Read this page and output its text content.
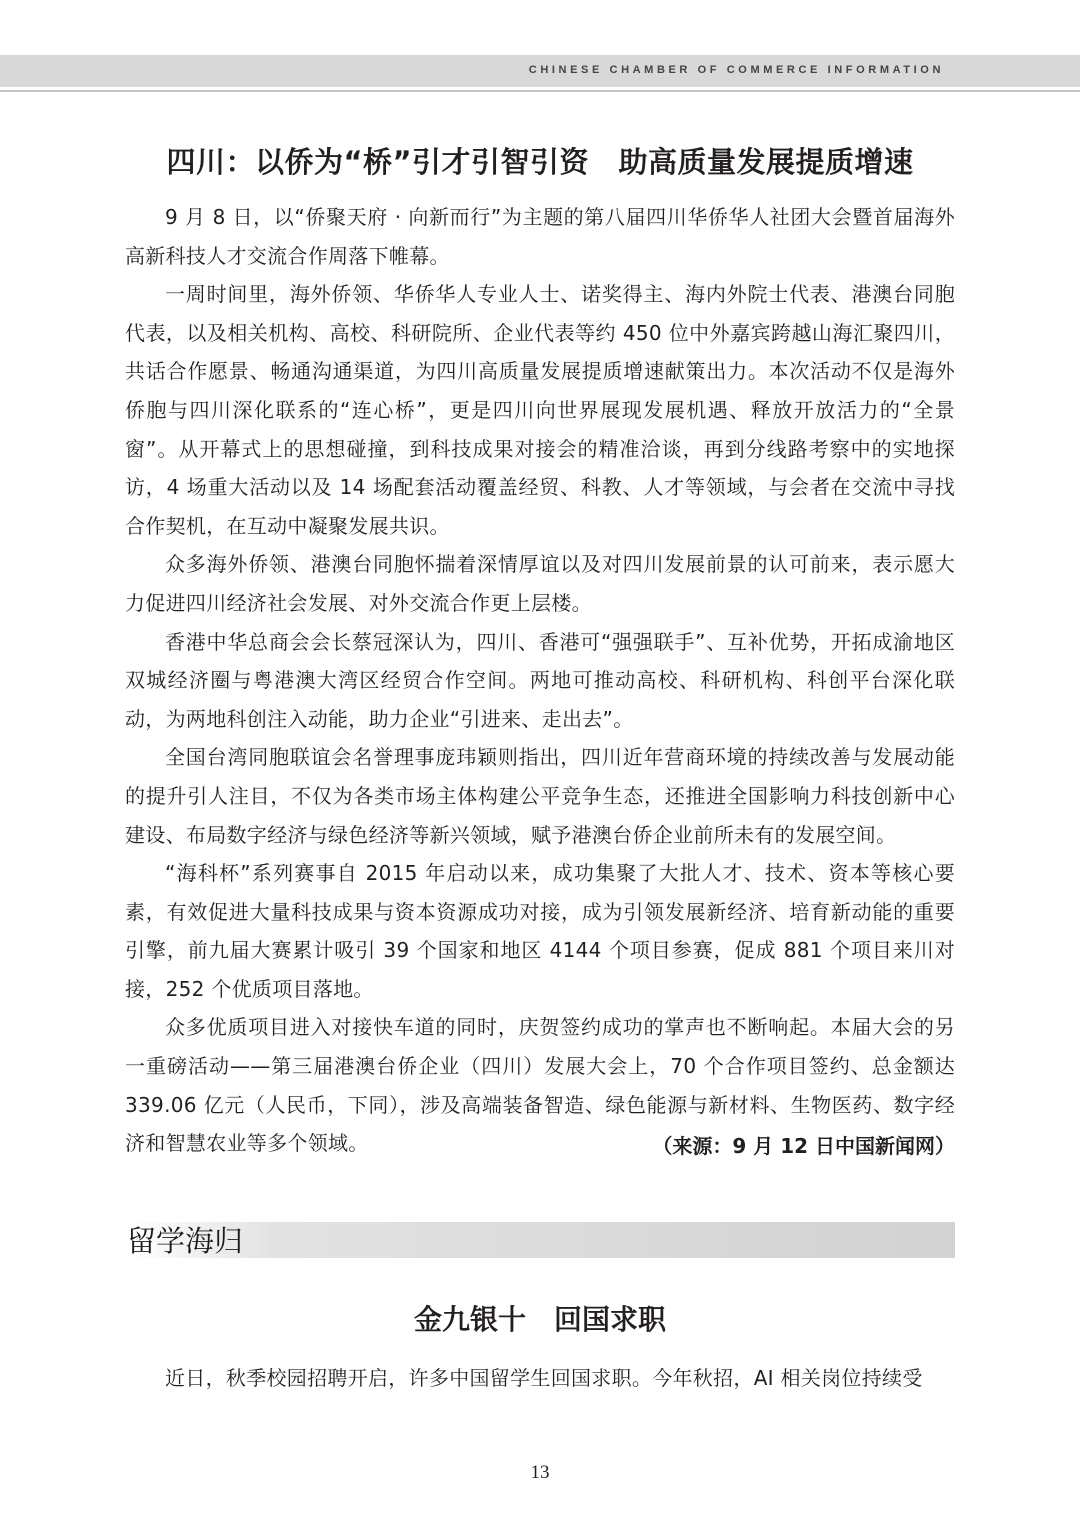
CHINESE CHAMBER OF COMMERCE INFORMATION
四川：以侨为“桥”引才引智引资　助高质量发展提质增速

9 月 8 日，以“侨聚天府 · 向新而行”为主题的第八届四川华侨华人社团大会暨首届海外高新科技人才交流合作周落下帷幕。

一周时间里，海外侨领、华侨华人专业人士、诺奖得主、海内外院士代表、港澳台同胞代表，以及相关机构、高校、科研院所、企业代表等约 450 位中外嘉宾跨越山海汇聚四川，共话合作愿景、畅通沟通渠道，为四川高质量发展提质增速献策出力。本次活动不仅是海外侨胞与四川深化联系的“连心桥”，更是四川向世界展现发展机遇、释放开放活力的“全景窗”。从开幕式上的思想碰撞，到科技成果对接会的精准洽谈，再到分线路考察中的实地探访，4 场重大活动以及 14 场配套活动覆盖经贸、科教、人才等领域，与会者在交流中寻找合作契机，在互动中凝聚发展共识。

众多海外侨领、港澳台同胞怀揣着深情厚谊以及对四川发展前景的认可前来，表示愿大力促进四川经济社会发展、对外交流合作更上层楼。

香港中华总商会会长蔡冠深认为，四川、香港可“强强联手”、互补优势，开拓成渝地区双城经济圈与粤港澳大湾区经贸合作空间。两地可推动高校、科研机构、科创平台深化联动，为两地科创注入动能，助力企业“引进来、走出去”。

全国台湾同胞联谊会名誉理事庞玮颖则指出，四川近年营商环境的持续改善与发展动能的提升引人注目，不仅为各类市场主体构建公平竞争生态，还推进全国影响力科技创新中心建设、布局数字经济与绿色经济等新兴领域，赋予港澳台侨企业前所未有的发展空间。

“海科杯”系列赛事自 2015 年启动以来，成功集聚了大批人才、技术、资本等核心要素，有效促进大量科技成果与资本资源成功对接，成为引领发展新经济、培育新动能的重要引擎，前九届大赛累计吸引 39 个国家和地区 4144 个项目参赛，促成 881 个项目来川对接，252 个优质项目落地。

众多优质项目进入对接快车道的同时，庆贺签约成功的掌声也不断响起。本届大会的另一重磅活动——第三届港澳台侨企业（四川）发展大会上，70 个合作项目签约、总金额达 339.06 亿元（人民币，下同），涉及高端装备智造、绿色能源与新材料、生物医药、数字经济和智慧农业等多个领域。	（来源：9 月 12 日中国新闻网）
留学海归
金九银十　回国求职

近日，秋季校园招聘开启，许多中国留学生回国求职。今年秋招，AI 相关岗位持续受

13
